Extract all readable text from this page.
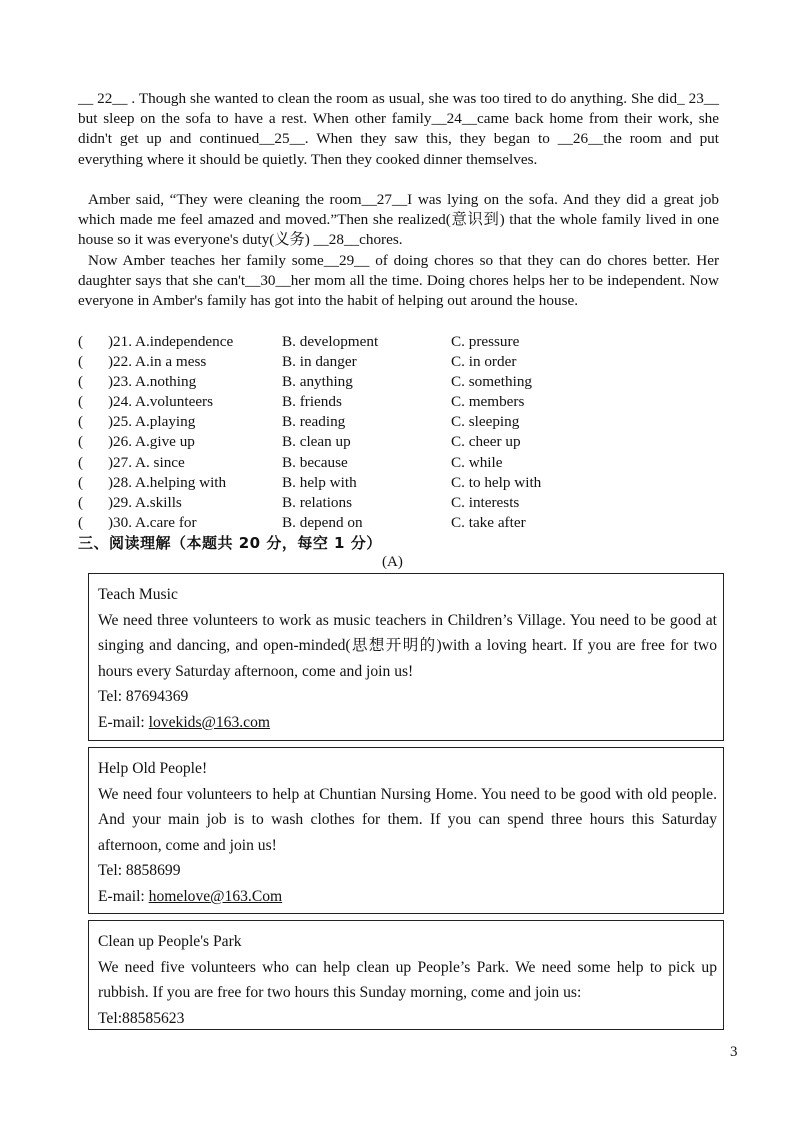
__ 22__ . Though she wanted to clean the room as usual, she was too tired to do anything. She did_ 23__ but sleep on the sofa to have a rest. When other family__24__came back home from their work, she didn't get up and continued__25__. When they saw this, they began to __26__the room and put everything where it should be quietly. Then they cooked dinner themselves.

Amber said, “They were cleaning the room__27__I was lying on the sofa. And they did a great job which made me feel amazed and moved.”Then she realized(意识到) that the whole family lived in one house so it was everyone's duty(义务) __28__chores.

Now Amber teaches her family some__29__ of doing chores so that they can do chores better. Her daughter says that she can't__30__her mom all the time. Doing chores helps her to be independent. Now everyone in Amber's family has got into the habit of helping out around the house.

( )21. A.independence	B. development	C. pressure
( )22. A.in a mess	B. in danger	C. in order
( )23. A.nothing	B. anything	C. something
( )24. A.volunteers	B. friends	C. members
( )25. A.playing	B. reading	C. sleeping
( )26. A.give up	B. clean up	C. cheer up
( )27. A. since	B. because	C. while
( )28. A.helping with	B. help with	C. to help with
( )29. A.skills	B. relations	C. interests
( )30. A.care for	B. depend on	C. take after
三、阅读理解（本题共 20 分，每空 1 分）
(A)

Teach Music

We need three volunteers to work as music teachers in Children’s Village. You need to be good at singing and dancing, and open-minded(思想开明的)with a loving heart. If you are free for two hours every Saturday afternoon, come and join us!

Tel: 87694369

E-mail: lovekids@163.com

Help Old People!

We need four volunteers to help at Chuntian Nursing Home. You need to be good with old people. And your main job is to wash clothes for them. If you can spend three hours this Saturday afternoon, come and join us!

Tel: 8858699

E-mail: homelove@163.Com

Clean up People's Park

We need five volunteers who can help clean up People’s Park. We need some help to pick up rubbish. If you are free for two hours this Sunday morning, come and join us:

Tel:88585623

3
